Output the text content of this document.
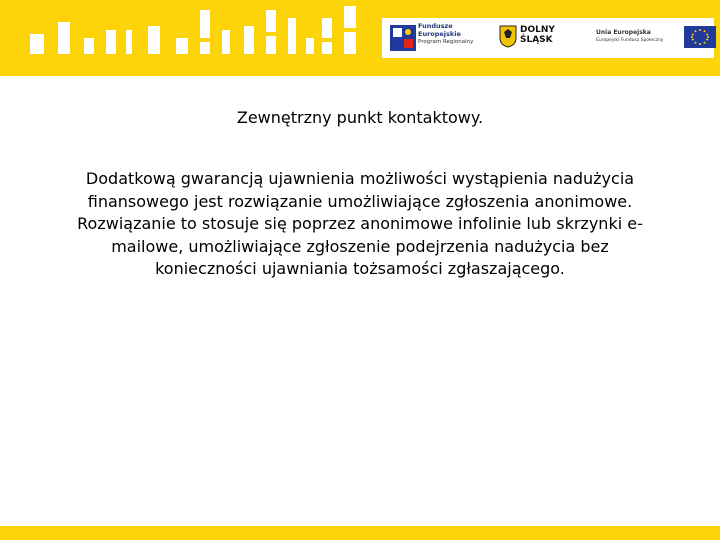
Fundusze
Europejskie
Program Regionalny
DOLNY
ŚLĄSK
Unia Europejska
Europejski Fundusz Społeczny
Zewnętrzny punkt kontaktowy.
Dodatkową gwarancją ujawnienia możliwości wystąpienia nadużycia
finansowego jest rozwiązanie umożliwiające zgłoszenia anonimowe.
Rozwiązanie to stosuje się poprzez anonimowe infolinie lub skrzynki e-
mailowe, umożliwiające zgłoszenie podejrzenia nadużycia bez
konieczności ujawniania tożsamości zgłaszającego.
